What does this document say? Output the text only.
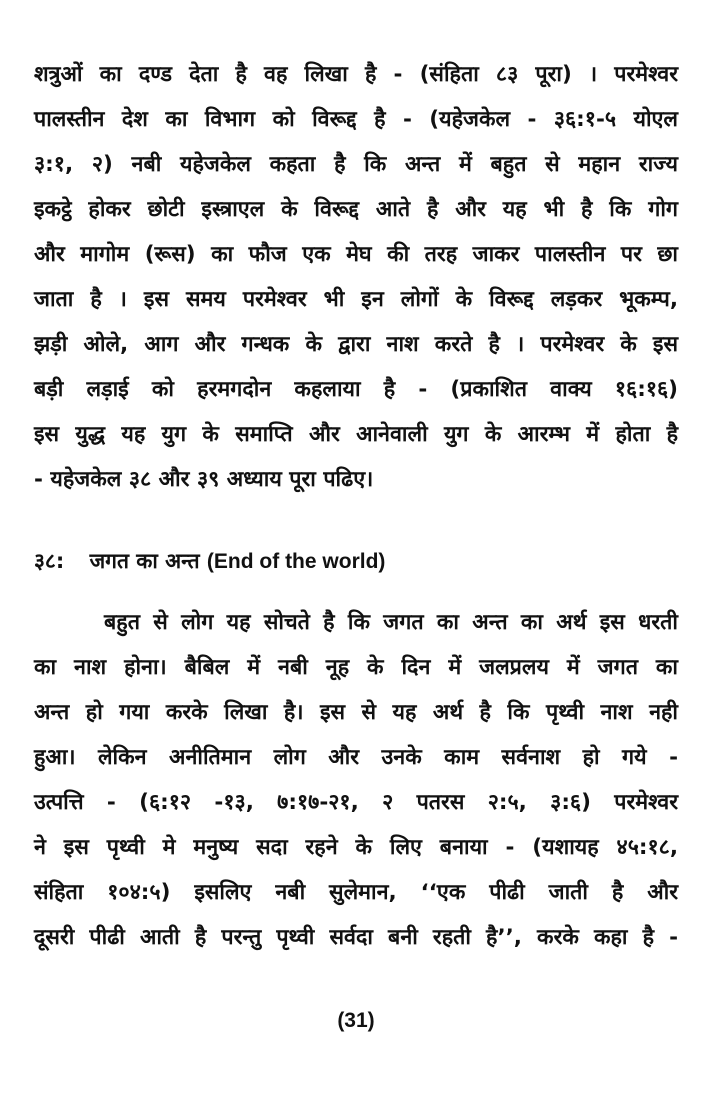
शत्रुओं का दण्ड देता है वह लिखा है - (संहिता ८३ पूरा) । परमेश्वर
पालस्तीन देश का विभाग को विरूद्द है - (यहेजकेल - ३६:१-५ योएल
३:१, २) नबी यहेजकेल कहता है कि अन्त में बहुत से महान राज्य
इकट्ठे होकर छोटी इस्त्राएल के विरूद्द आते है और यह भी है कि गोग
और मागोम (रूस) का फौज एक मेघ की तरह जाकर पालस्तीन पर छा
जाता है । इस समय परमेश्वर भी इन लोगों के विरूद्द लड़कर भूकम्प,
झड़ी ओले, आग और गन्धक के द्वारा नाश करते है । परमेश्वर के इस
बड़ी लड़ाई को हरमगदोन कहलाया है - (प्रकाशित वाक्य १६:१६)
इस युद्ध यह युग के समाप्ति और आनेवाली युग के आरम्भ में होता है
- यहेजकेल ३८ और ३९ अध्याय पूरा पढिए।
३८: जगत का अन्त (End of the world)
बहुत से लोग यह सोचते है कि जगत का अन्त का अर्थ इस धरती
का नाश होना। बैबिल में नबी नूह के दिन में जलप्रलय में जगत का
अन्त हो गया करके लिखा है। इस से यह अर्थ है कि पृथ्वी नाश नही
हुआ। लेकिन अनीतिमान लोग और उनके काम सर्वनाश हो गये -
उत्पत्ति - (६:१२ -१३, ७:१७-२१, २ पतरस २:५, ३:६) परमेश्वर
ने इस पृथ्वी मे मनुष्य सदा रहने के लिए बनाया - (यशायह ४५:१८,
संहिता १०४:५) इसलिए नबी सुलेमान, ‘‘एक पीढी जाती है और
दूसरी पीढी आती है परन्तु पृथ्वी सर्वदा बनी रहती है’’, करके कहा है -
(31)
